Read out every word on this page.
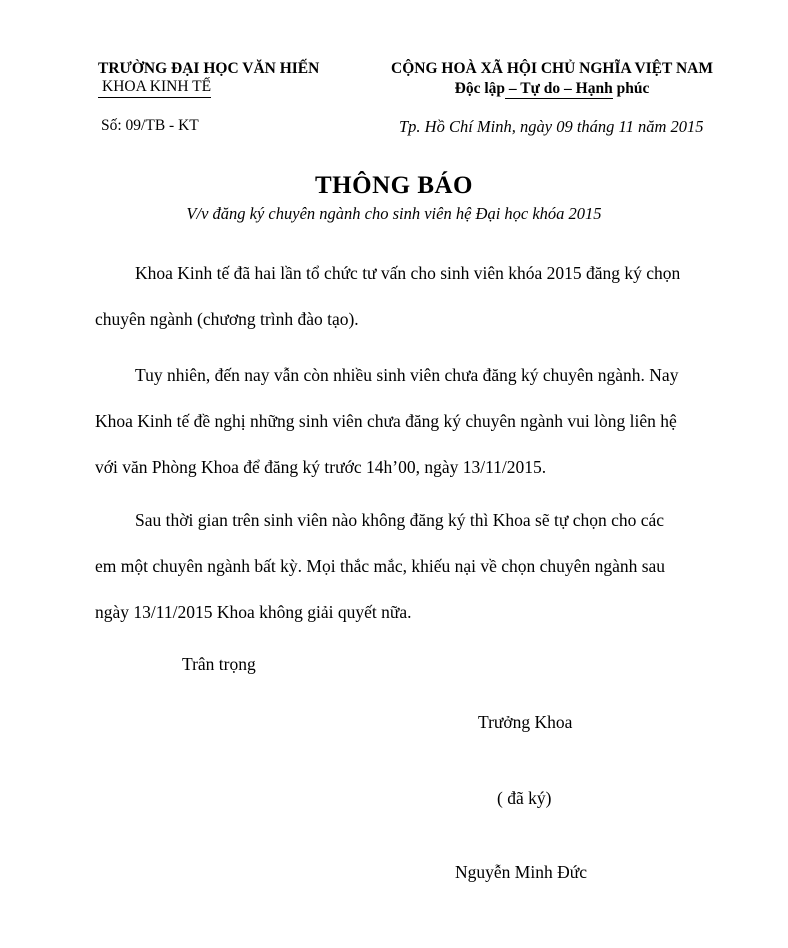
TRƯỜNG ĐẠI HỌC VĂN HIẾN
KHOA KINH TẾ
Số: 09/TB - KT
CỘNG HOÀ XÃ HỘI CHỦ NGHĨA VIỆT NAM
Độc lập – Tự do – Hạnh phúc
Tp. Hồ Chí Minh, ngày 09 tháng 11 năm 2015
THÔNG BÁO
V/v đăng ký chuyên ngành cho sinh viên hệ Đại học khóa 2015
Khoa Kinh tế đã hai lần tổ chức tư vấn cho sinh viên khóa 2015 đăng ký chọn
chuyên ngành (chương trình đào tạo).
Tuy nhiên, đến nay vẫn còn nhiều sinh viên chưa đăng ký chuyên ngành. Nay
Khoa Kinh tế đề nghị những sinh viên chưa đăng ký chuyên ngành vui lòng liên hệ
với văn Phòng Khoa để đăng ký trước 14h’00, ngày 13/11/2015.
Sau thời gian trên sinh viên nào không đăng ký thì Khoa sẽ tự chọn cho các
em một chuyên ngành bất kỳ. Mọi thắc mắc, khiếu nại về chọn chuyên ngành sau
ngày 13/11/2015 Khoa không giải quyết nữa.
Trân trọng
Trưởng Khoa
( đã ký)
Nguyễn Minh Đức
